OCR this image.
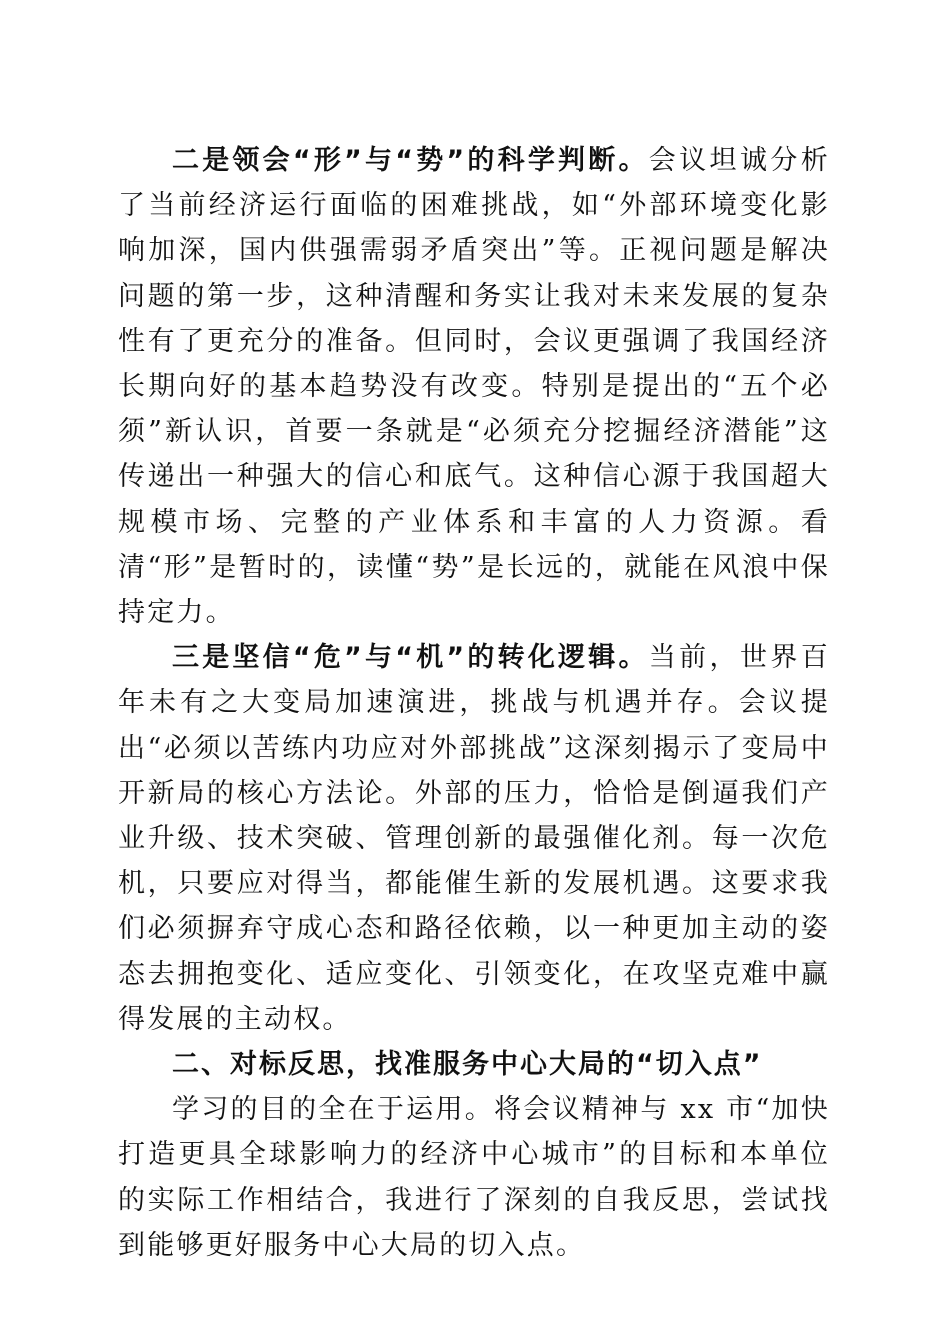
二是领会“形”与“势”的科学判断。会议坦诚分析了当前经济运行面临的困难挑战，如“外部环境变化影响加深，国内供强需弱矛盾突出”等。正视问题是解决问题的第一步，这种清醒和务实让我对未来发展的复杂性有了更充分的准备。但同时，会议更强调了我国经济长期向好的基本趋势没有改变。特别是提出的“五个必须”新认识，首要一条就是“必须充分挖掘经济潜能”这传递出一种强大的信心和底气。这种信心源于我国超大规模市场、完整的产业体系和丰富的人力资源。看清“形”是暂时的，读懂“势”是长远的，就能在风浪中保持定力。

三是坚信“危”与“机”的转化逻辑。当前，世界百年未有之大变局加速演进，挑战与机遇并存。会议提出“必须以苦练内功应对外部挑战”这深刻揭示了变局中开新局的核心方法论。外部的压力，恰恰是倒逼我们产业升级、技术突破、管理创新的最强催化剂。每一次危机，只要应对得当，都能催生新的发展机遇。这要求我们必须摒弃守成心态和路径依赖，以一种更加主动的姿态去拥抱变化、适应变化、引领变化，在攻坚克难中赢得发展的主动权。

二、对标反思，找准服务中心大局的“切入点”

学习的目的全在于运用。将会议精神与 xx 市“加快打造更具全球影响力的经济中心城市”的目标和本单位的实际工作相结合，我进行了深刻的自我反思，尝试找到能够更好服务中心大局的切入点。
